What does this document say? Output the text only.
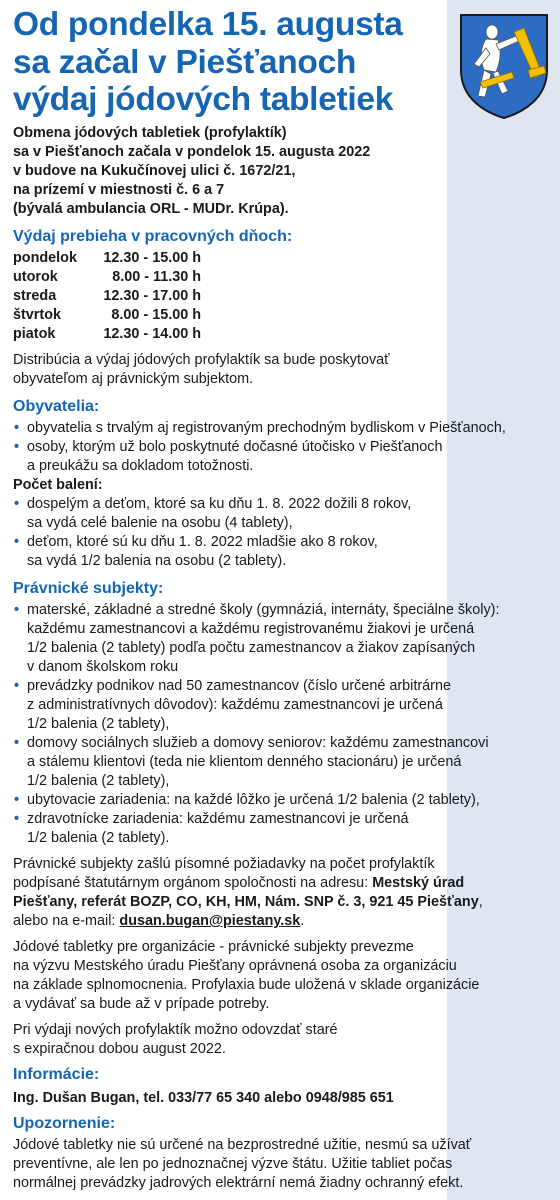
Od pondelka 15. augusta
sa začal v Piešťanoch
výdaj jódových tabletiek

Obmena jódových tabletiek (profylaktík)
sa v Piešťanoch začala v pondelok 15. augusta 2022
v budove na Kukučínovej ulici č. 1672/21,
na prízemí v miestnosti č. 6 a 7
(bývalá ambulancia ORL - MUDr. Krúpa).

Výdaj prebieha v pracovných dňoch:
pondelok	12.30 - 15.00 h
utorok	8.00 - 11.30 h
streda	12.30 - 17.00 h
štvrtok	8.00 - 15.00 h
piatok	12.30 - 14.00 h

Distribúcia a výdaj jódových profylaktík sa bude poskytovať
obyvateľom aj právnickým subjektom.

Obyvatelia:
• obyvatelia s trvalým aj registrovaným prechodným bydliskom v Piešťanoch,
• osoby, ktorým už bolo poskytnuté dočasné útočisko v Piešťanoch
a preukážu sa dokladom totožnosti.

Počet balení:

• dospelým a deťom, ktoré sa ku dňu 1. 8. 2022 dožili 8 rokov,
sa vydá celé balenie na osobu (4 tablety),
• deťom, ktoré sú ku dňu 1. 8. 2022 mladšie ako 8 rokov,
sa vydá 1/2 balenia na osobu (2 tablety).
Právnické subjekty:
• materské, základné a stredné školy (gymnáziá, internáty, špeciálne školy):
každému zamestnancovi a každému registrovanému žiakovi je určená
1/2 balenia (2 tablety) podľa počtu zamestnancov a žiakov zapísaných
v danom školskom roku
• prevádzky podnikov nad 50 zamestnancov (číslo určené arbitrárne
z administratívnych dôvodov): každému zamestnancovi je určená
1/2 balenia (2 tablety),
• domovy sociálnych služieb a domovy seniorov: každému zamestnancovi
a stálemu klientovi (teda nie klientom denného stacionáru) je určená
1/2 balenia (2 tablety),
• ubytovacie zariadenia: na každé lôžko je určená 1/2 balenia (2 tablety),
• zdravotnícke zariadenia: každému zamestnancovi je určená
1/2 balenia (2 tablety).

Právnické subjekty zašlú písomné požiadavky na počet profylaktík
podpísané štatutárnym orgánom spoločnosti na adresu: Mestský úrad
Piešťany, referát BOZP, CO, KH, HM, Nám. SNP č. 3, 921 45 Piešťany,
alebo na e-mail: dusan.bugan@piestany.sk.

Jódové tabletky pre organizácie - právnické subjekty prevezme
na výzvu Mestského úradu Piešťany oprávnená osoba za organizáciu
na základe splnomocnenia. Profylaxia bude uložená v sklade organizácie
a vydávať sa bude až v prípade potreby.

Pri výdaji nových profylaktík možno odovzdať staré
s expiračnou dobou august 2022.

Informácie:

Ing. Dušan Bugan, tel. 033/77 65 340 alebo 0948/985 651

Upozornenie:

Jódové tabletky nie sú určené na bezprostredné užitie, nesmú sa užívať
preventívne, ale len po jednoznačnej výzve štátu. Užitie tabliet počas
normálnej prevádzky jadrových elektrární nemá žiadny ochranný efekt.
